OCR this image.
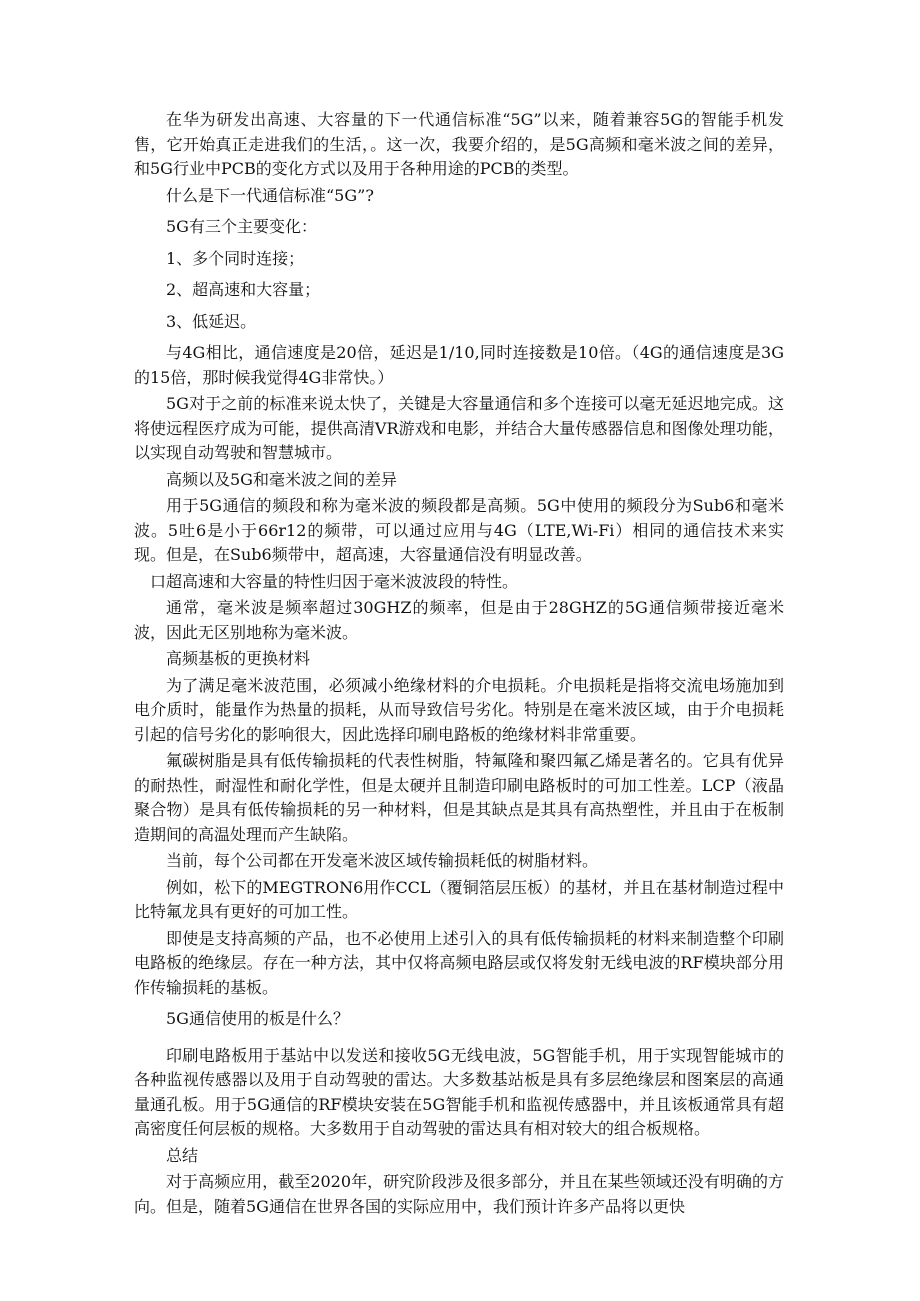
在华为研发出高速、大容量的下一代通信标准“5G”以来，随着兼容5G的智能手机发售，它开始真正走进我们的生活，。这一次，我要介绍的，是5G高频和毫米波之间的差异，和5G行业中PCB的变化方式以及用于各种用途的PCB的类型。

什么是下一代通信标准“5G”?

5G有三个主要变化：

1、多个同时连接；

2、超高速和大容量；

3、低延迟。

与4G相比，通信速度是20倍，延迟是1/10,同时连接数是10倍。（4G的通信速度是3G的15倍，那时候我觉得4G非常快。）

5G对于之前的标准来说太快了，关键是大容量通信和多个连接可以毫无延迟地完成。这将使远程医疗成为可能，提供高清VR游戏和电影，并结合大量传感器信息和图像处理功能，以实现自动驾驶和智慧城市。

高频以及5G和毫米波之间的差异

用于5G通信的频段和称为毫米波的频段都是高频。5G中使用的频段分为Sub6和毫米波。5吐6是小于66r12的频带，可以通过应用与4G（LTE,Wi-Fi）相同的通信技术来实现。但是，在Sub6频带中，超高速，大容量通信没有明显改善。

口超高速和大容量的特性归因于毫米波波段的特性。

通常，毫米波是频率超过30GHZ的频率，但是由于28GHZ的5G通信频带接近毫米波，因此无区别地称为毫米波。

高频基板的更换材料

为了满足毫米波范围，必须减小绝缘材料的介电损耗。介电损耗是指将交流电场施加到电介质时，能量作为热量的损耗，从而导致信号劣化。特别是在毫米波区域，由于介电损耗引起的信号劣化的影响很大，因此选择印刷电路板的绝缘材料非常重要。

氟碳树脂是具有低传输损耗的代表性树脂，特氟隆和聚四氟乙烯是著名的。它具有优异的耐热性，耐湿性和耐化学性，但是太硬并且制造印刷电路板时的可加工性差。LCP（液晶聚合物）是具有低传输损耗的另一种材料，但是其缺点是其具有高热塑性，并且由于在板制造期间的高温处理而产生缺陷。

当前，每个公司都在开发毫米波区域传输损耗低的树脂材料。

例如，松下的MEGTRON6用作CCL（覆铜箔层压板）的基材，并且在基材制造过程中比特氟龙具有更好的可加工性。

即使是支持高频的产品，也不必使用上述引入的具有低传输损耗的材料来制造整个印刷电路板的绝缘层。存在一种方法，其中仅将高频电路层或仅将发射无线电波的RF模块部分用作传输损耗的基板。

5G通信使用的板是什么？

印刷电路板用于基站中以发送和接收5G无线电波，5G智能手机，用于实现智能城市的各种监视传感器以及用于自动驾驶的雷达。大多数基站板是具有多层绝缘层和图案层的高通量通孔板。用于5G通信的RF模块安装在5G智能手机和监视传感器中，并且该板通常具有超高密度任何层板的规格。大多数用于自动驾驶的雷达具有相对较大的组合板规格。

总结

对于高频应用，截至2020年，研究阶段涉及很多部分，并且在某些领域还没有明确的方向。但是，随着5G通信在世界各国的实际应用中，我们预计许多产品将以更快
